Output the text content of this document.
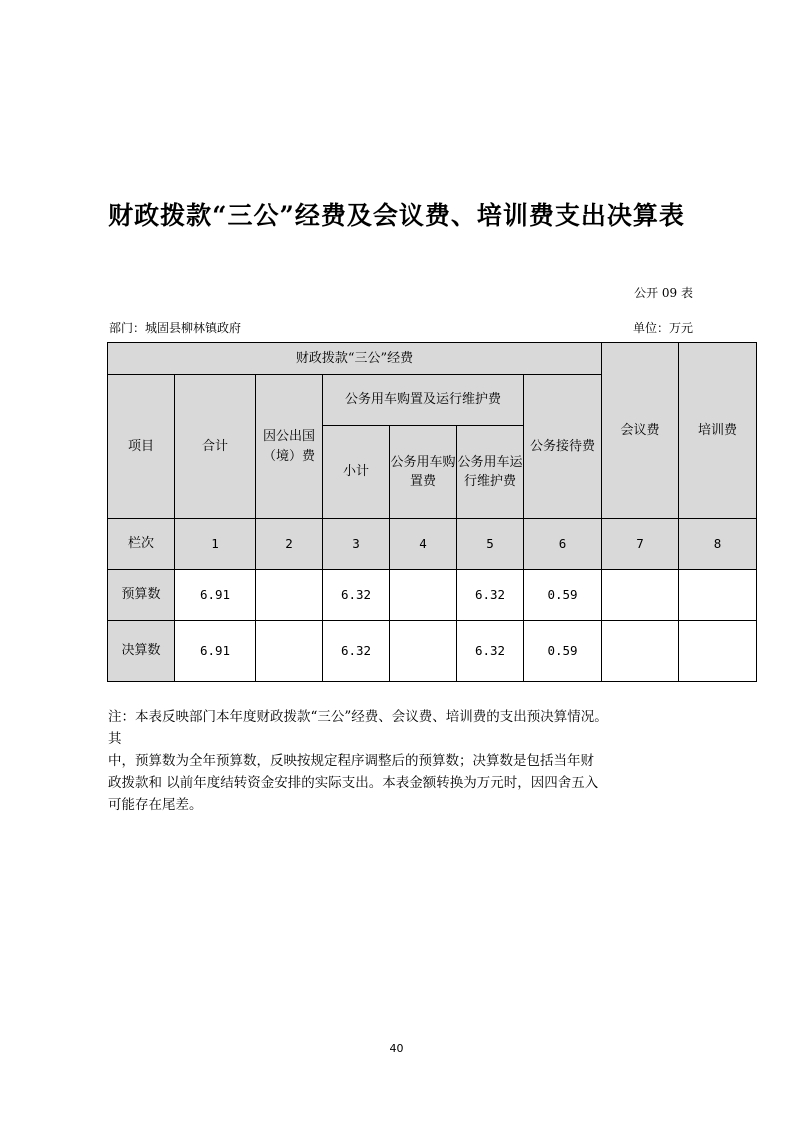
财政拨款“三公”经费及会议费、培训费支出决算表
公开 09 表
部门：城固县柳林镇政府	单位：万元
财政拨款“三公”经费							会议费	培训费
项目	合计	因公出国（境）费	公务用车购置及运行维护费			公务接待费		
			小计	公务用车购置费	公务用车运行维护费			
栏次	1	2	3	4	5	6	7	8
预算数	6.91		6.32		6.32	0.59		
决算数	6.91		6.32		6.32	0.59		

注：本表反映部门本年度财政拨款“三公”经费、会议费、培训费的支出预决算情况。

其

中，预算数为全年预算数，反映按规定程序调整后的预算数；决算数是包括当年财

政拨款和 以前年度结转资金安排的实际支出。本表金额转换为万元时，因四舍五入

可能存在尾差。

40
